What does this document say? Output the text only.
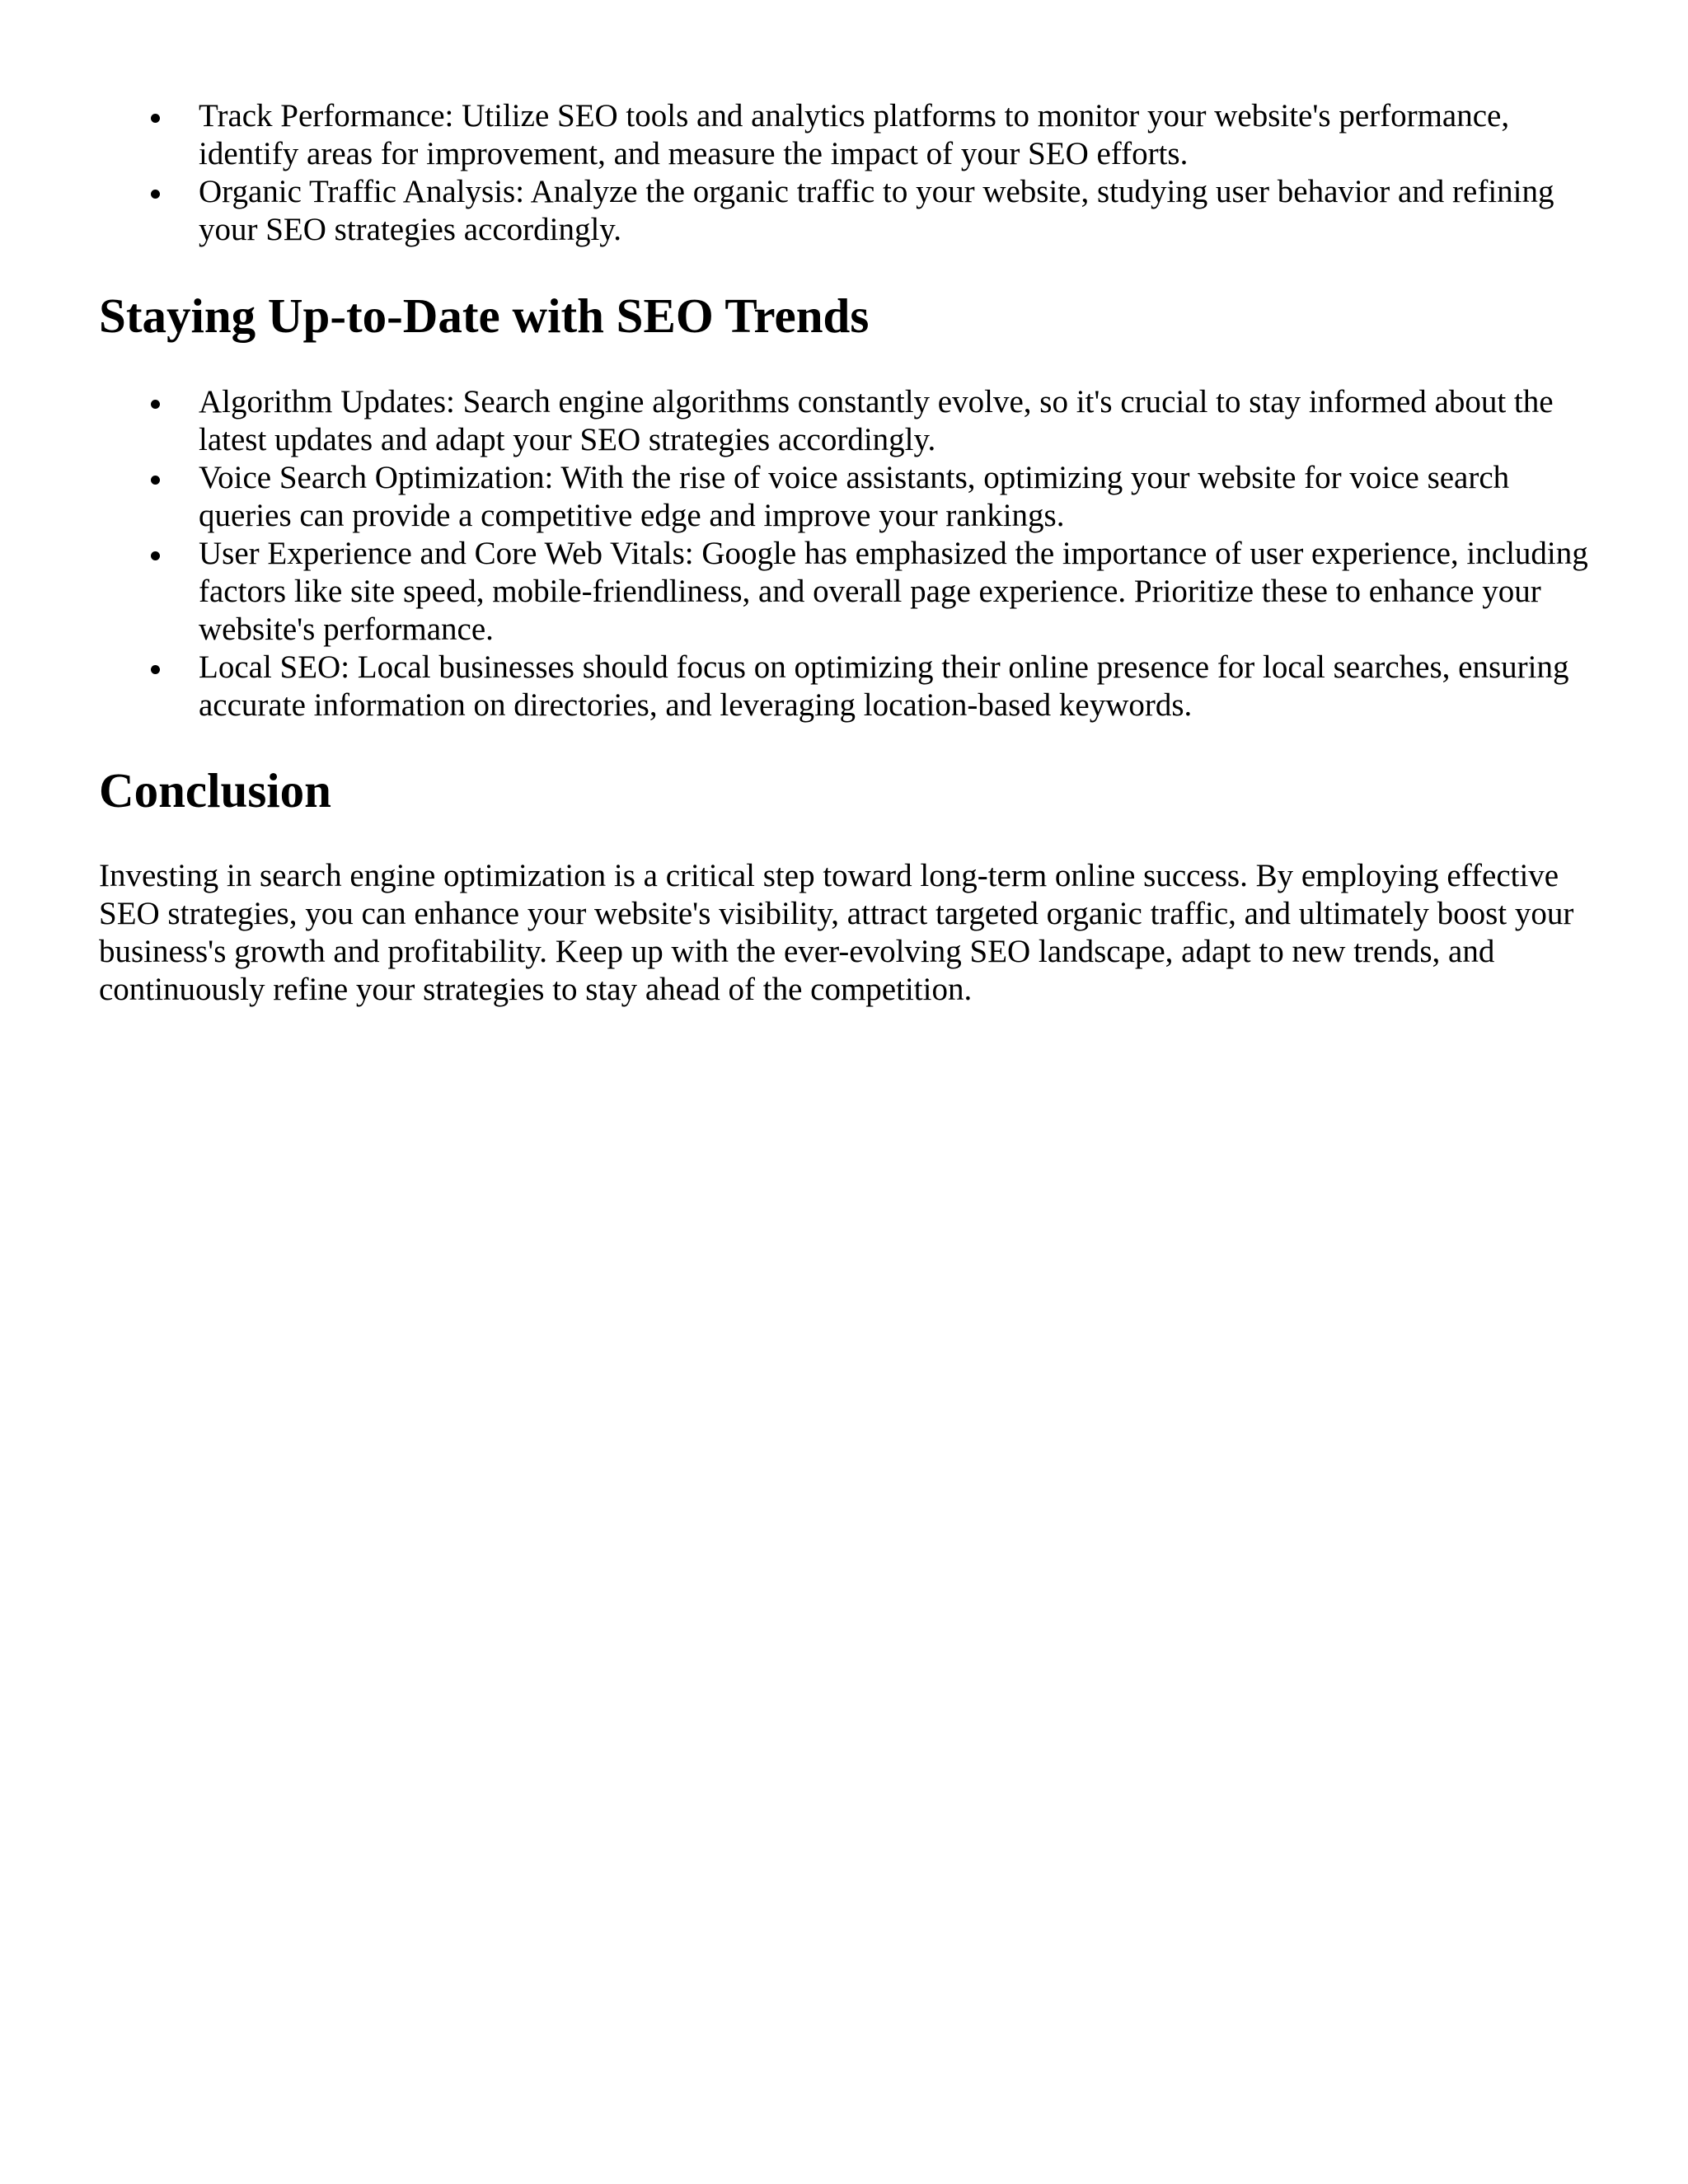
Track Performance: Utilize SEO tools and analytics platforms to monitor your website's performance, identify areas for improvement, and measure the impact of your SEO efforts.
Organic Traffic Analysis: Analyze the organic traffic to your website, studying user behavior and refining your SEO strategies accordingly.
Staying Up-to-Date with SEO Trends
Algorithm Updates: Search engine algorithms constantly evolve, so it's crucial to stay informed about the latest updates and adapt your SEO strategies accordingly.
Voice Search Optimization: With the rise of voice assistants, optimizing your website for voice search queries can provide a competitive edge and improve your rankings.
User Experience and Core Web Vitals: Google has emphasized the importance of user experience, including factors like site speed, mobile-friendliness, and overall page experience. Prioritize these to enhance your website's performance.
Local SEO: Local businesses should focus on optimizing their online presence for local searches, ensuring accurate information on directories, and leveraging location-based keywords.
Conclusion

Investing in search engine optimization is a critical step toward long-term online success. By employing effective SEO strategies, you can enhance your website's visibility, attract targeted organic traffic, and ultimately boost your business's growth and profitability. Keep up with the ever-evolving SEO landscape, adapt to new trends, and continuously refine your strategies to stay ahead of the competition.
